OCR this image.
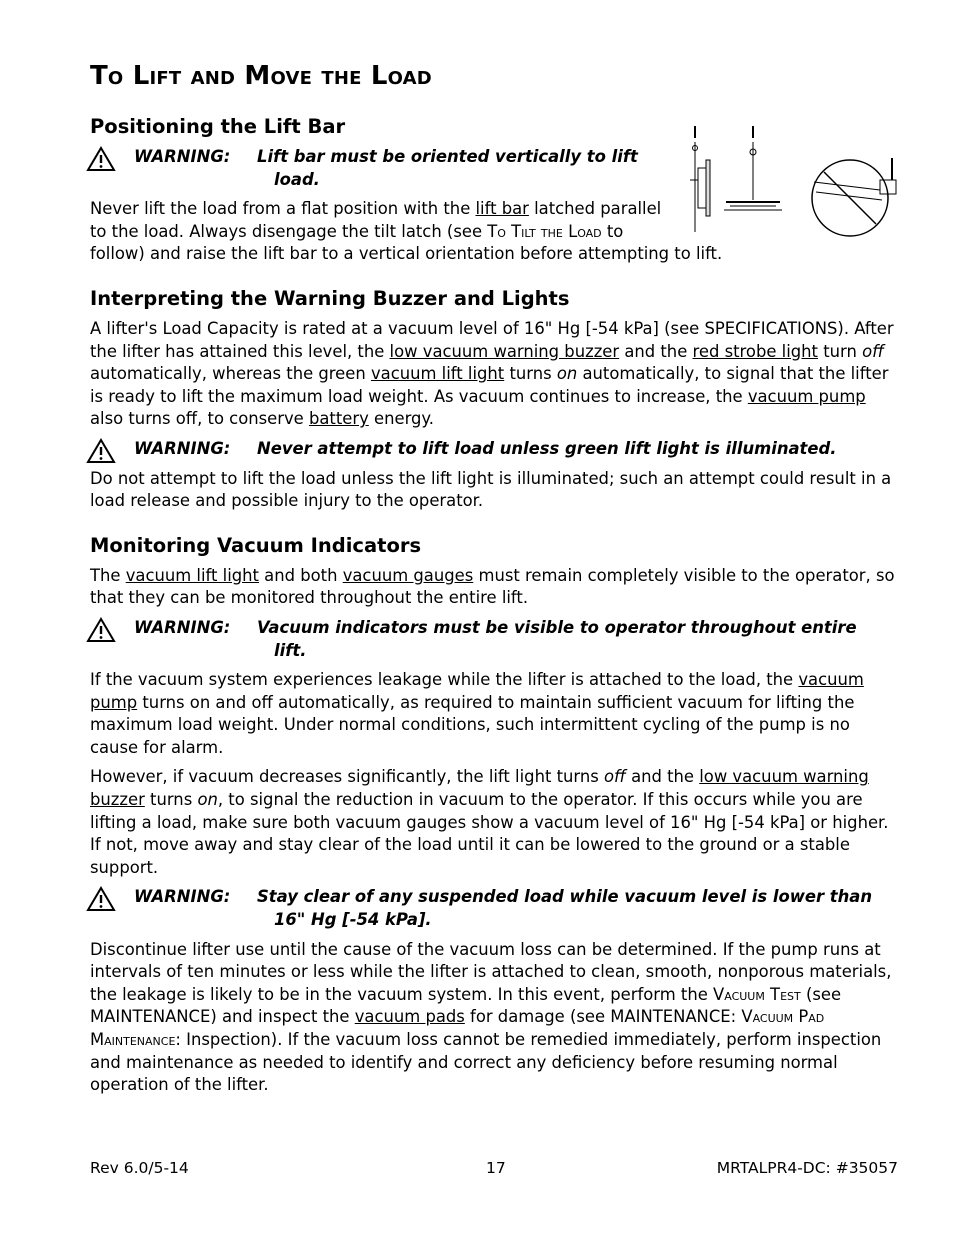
To Lift and Move the Load
Positioning the Lift Bar
WARNING: Lift bar must be oriented vertically to lift
load.

Never lift the load from a flat position with the lift bar latched parallel
to the load. Always disengage the tilt latch (see To Tilt the Load to
follow) and raise the lift bar to a vertical orientation before attempting to lift.

Interpreting the Warning Buzzer and Lights

A lifter's Load Capacity is rated at a vacuum level of 16" Hg [-54 kPa] (see SPECIFICATIONS). After the lifter has attained this level, the low vacuum warning buzzer and the red strobe light turn off automatically, whereas the green vacuum lift light turns on automatically, to signal that the lifter is ready to lift the maximum load weight. As vacuum continues to increase, the vacuum pump also turns off, to conserve battery energy.

WARNING: Never attempt to lift load unless green lift light is illuminated.

Do not attempt to lift the load unless the lift light is illuminated; such an attempt could result in a load release and possible injury to the operator.

Monitoring Vacuum Indicators

The vacuum lift light and both vacuum gauges must remain completely visible to the operator, so that they can be monitored throughout the entire lift.

WARNING: Vacuum indicators must be visible to operator throughout entire
lift.

If the vacuum system experiences leakage while the lifter is attached to the load, the vacuum pump turns on and off automatically, as required to maintain sufficient vacuum for lifting the maximum load weight. Under normal conditions, such intermittent cycling of the pump is no cause for alarm.

However, if vacuum decreases significantly, the lift light turns off and the low vacuum warning buzzer turns on, to signal the reduction in vacuum to the operator. If this occurs while you are lifting a load, make sure both vacuum gauges show a vacuum level of 16" Hg [-54 kPa] or higher. If not, move away and stay clear of the load until it can be lowered to the ground or a stable support.

WARNING: Stay clear of any suspended load while vacuum level is lower than
16" Hg [-54 kPa].

Discontinue lifter use until the cause of the vacuum loss can be determined. If the pump runs at intervals of ten minutes or less while the lifter is attached to clean, smooth, nonporous materials, the leakage is likely to be in the vacuum system. In this event, perform the Vacuum Test (see MAINTENANCE) and inspect the vacuum pads for damage (see MAINTENANCE: Vacuum Pad Maintenance: Inspection). If the vacuum loss cannot be remedied immediately, perform inspection and maintenance as needed to identify and correct any deficiency before resuming normal operation of the lifter.

Rev 6.0/5-14	17	MRTALPR4-DC: #35057
